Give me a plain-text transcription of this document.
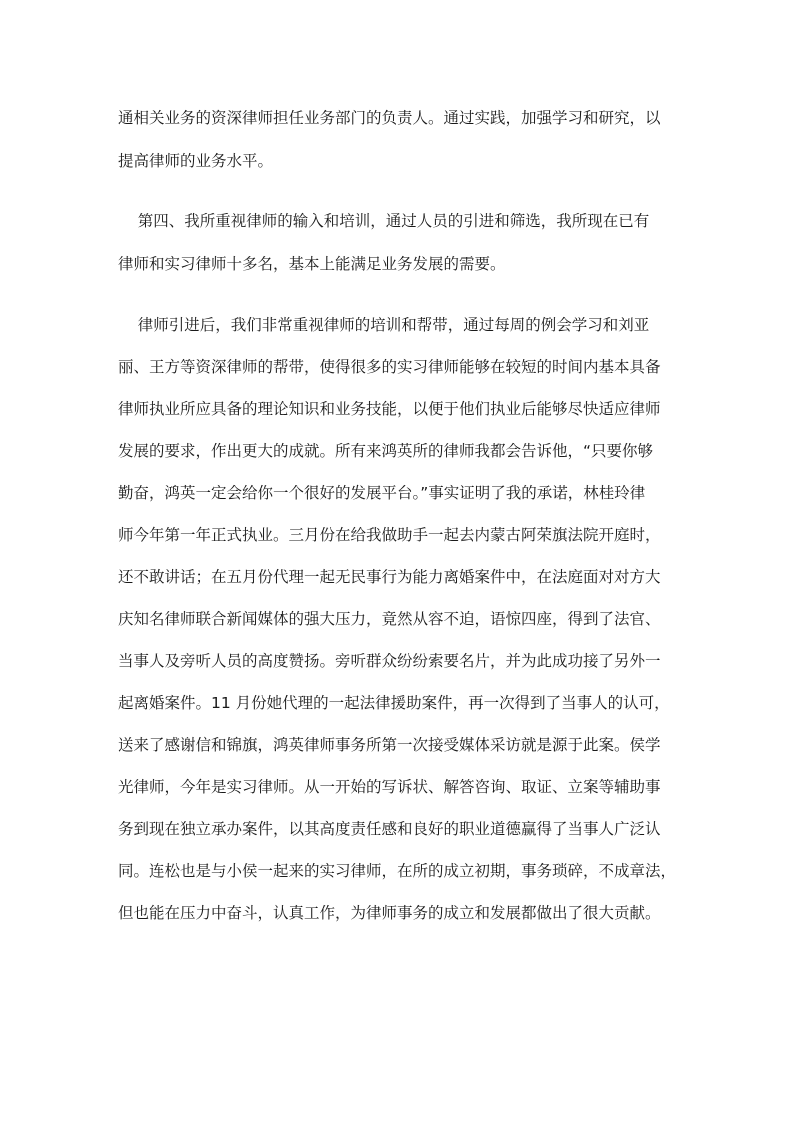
通相关业务的资深律师担任业务部门的负责人。通过实践，加强学习和研究，以
提高律师的业务水平。
第四、我所重视律师的输入和培训，通过人员的引进和筛选，我所现在已有
律师和实习律师十多名，基本上能满足业务发展的需要。
律师引进后，我们非常重视律师的培训和帮带，通过每周的例会学习和刘亚
丽、王方等资深律师的帮带，使得很多的实习律师能够在较短的时间内基本具备
律师执业所应具备的理论知识和业务技能，以便于他们执业后能够尽快适应律师
发展的要求，作出更大的成就。所有来鸿英所的律师我都会告诉他，“只要你够
勤奋，鸿英一定会给你一个很好的发展平台。”事实证明了我的承诺，林桂玲律
师今年第一年正式执业。三月份在给我做助手一起去内蒙古阿荣旗法院开庭时，
还不敢讲话；在五月份代理一起无民事行为能力离婚案件中，在法庭面对对方大
庆知名律师联合新闻媒体的强大压力，竟然从容不迫，语惊四座，得到了法官、
当事人及旁听人员的高度赞扬。旁听群众纷纷索要名片，并为此成功接了另外一
起离婚案件。11 月份她代理的一起法律援助案件，再一次得到了当事人的认可，
送来了感谢信和锦旗，鸿英律师事务所第一次接受媒体采访就是源于此案。侯学
光律师，今年是实习律师。从一开始的写诉状、解答咨询、取证、立案等辅助事
务到现在独立承办案件，以其高度责任感和良好的职业道德赢得了当事人广泛认
同。连松也是与小侯一起来的实习律师，在所的成立初期，事务琐碎，不成章法，
但也能在压力中奋斗，认真工作，为律师事务的成立和发展都做出了很大贡献。
